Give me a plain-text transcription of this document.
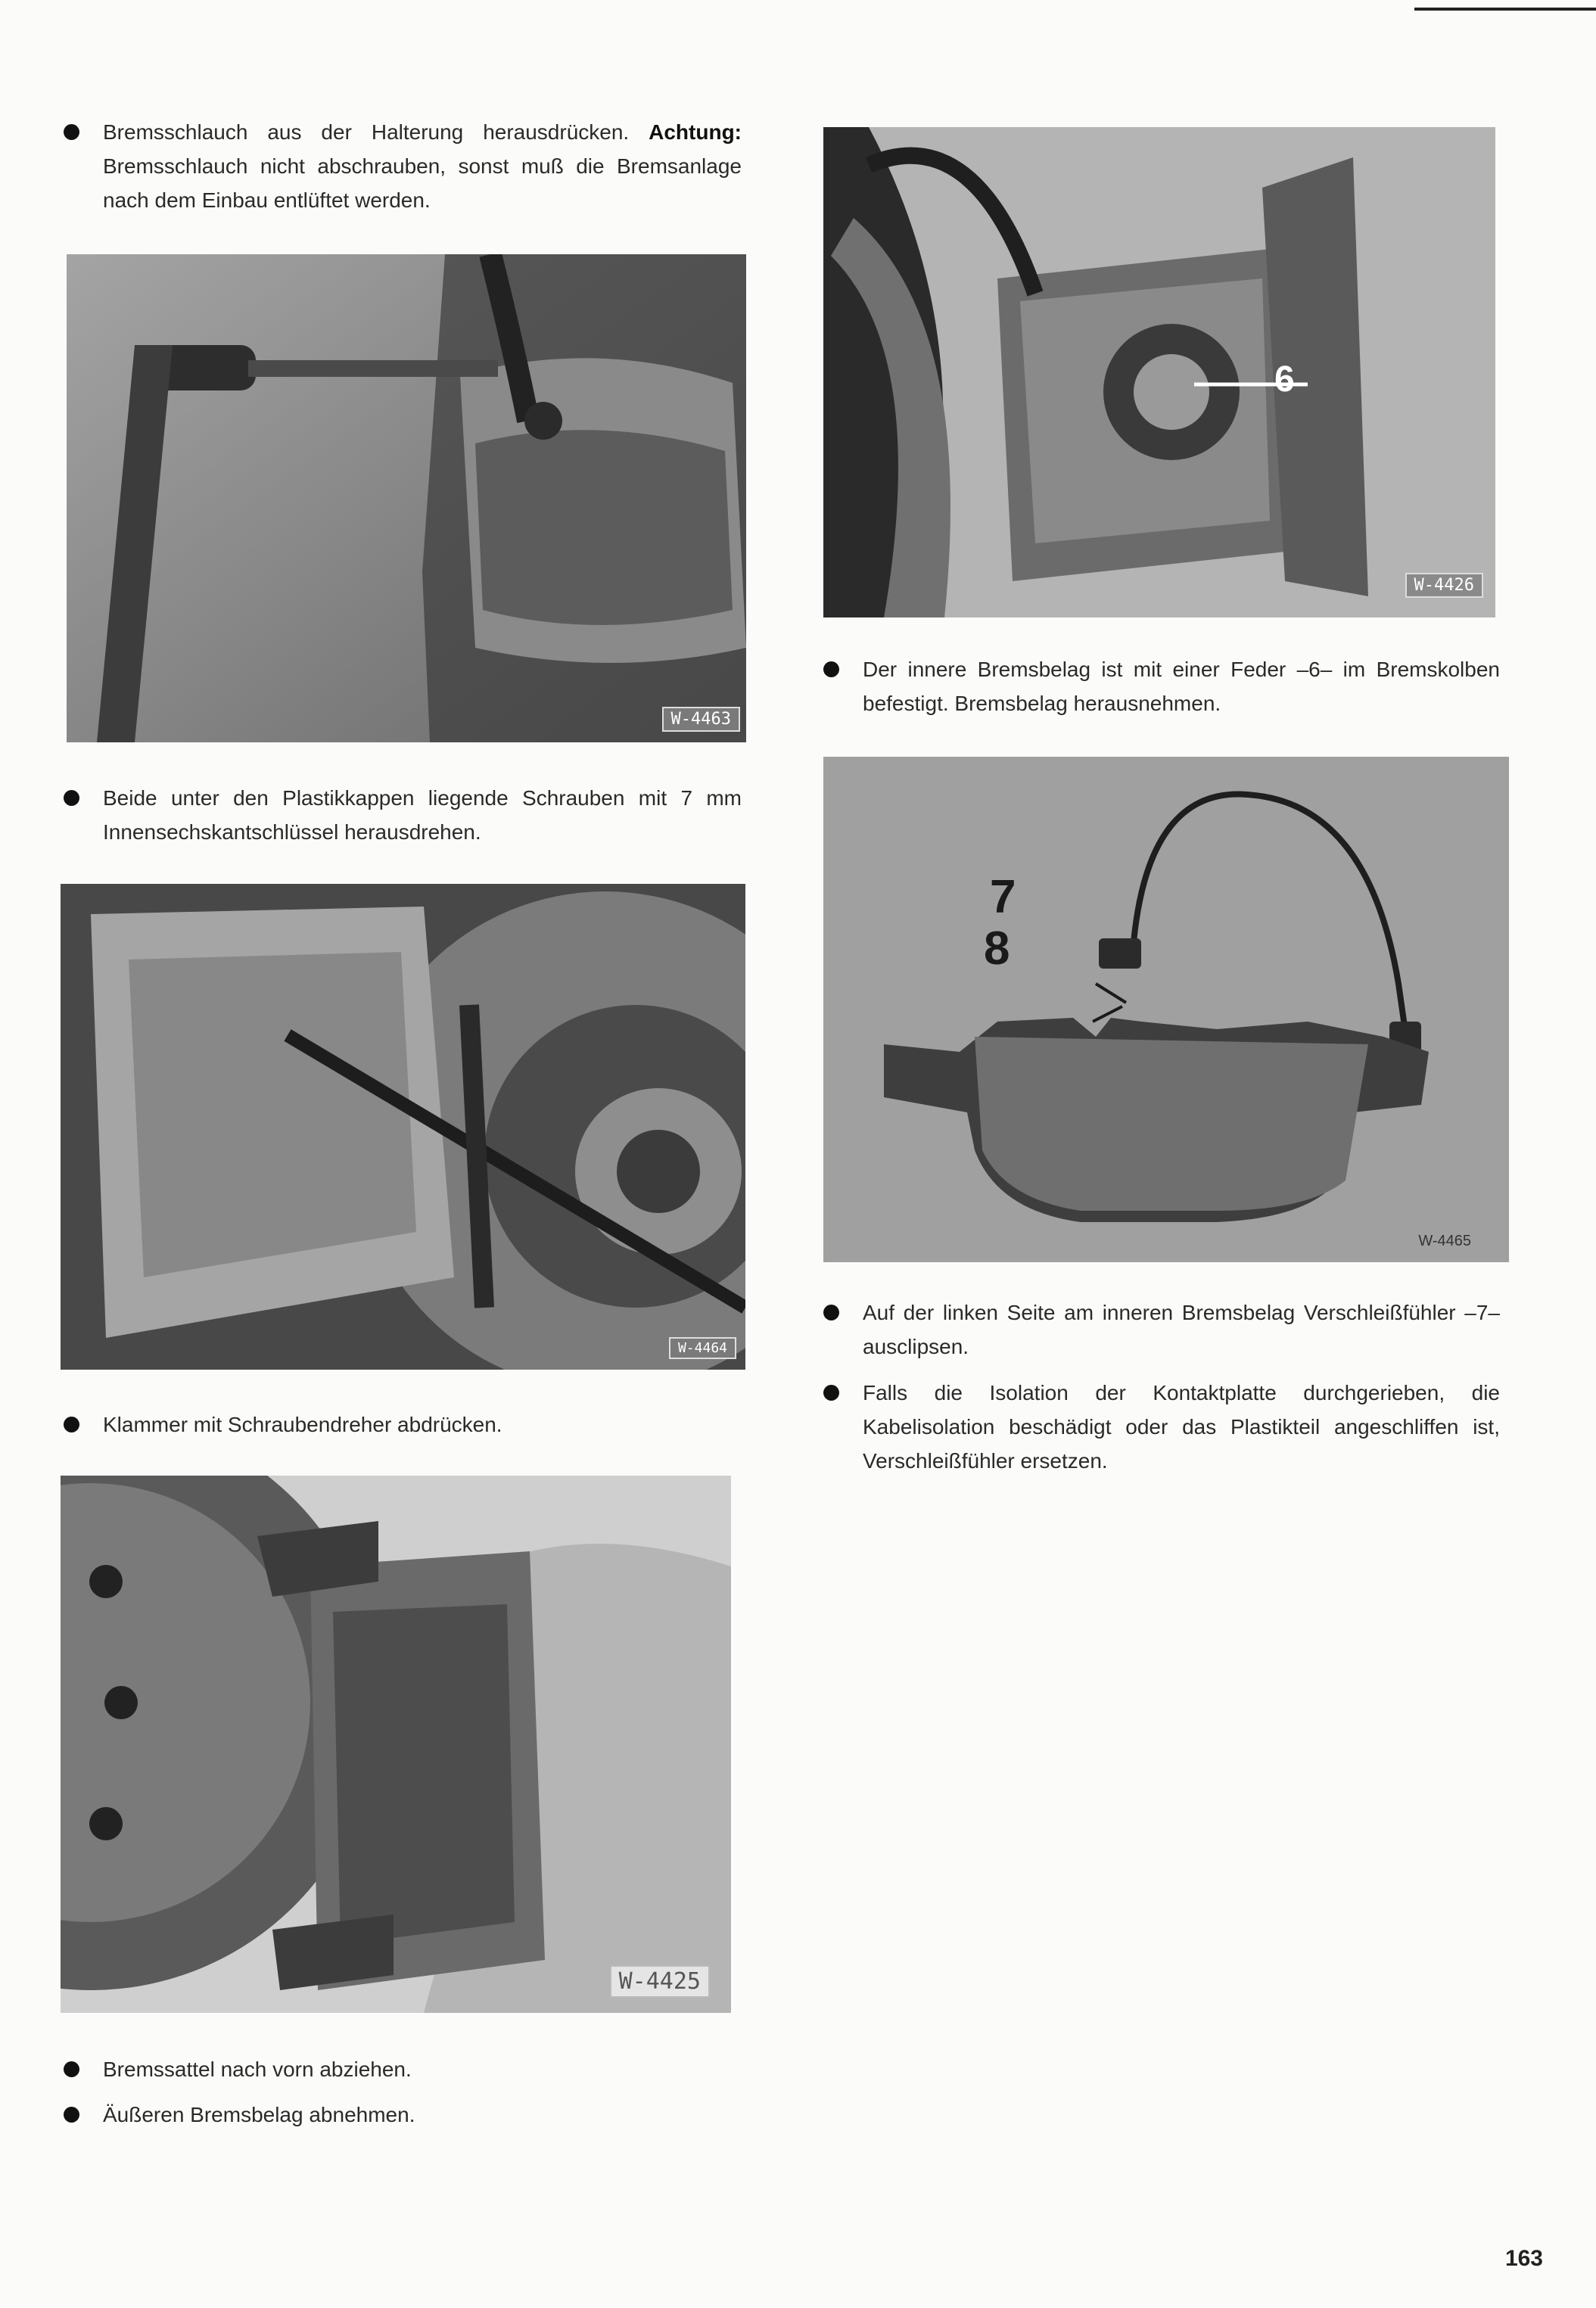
Bremsschlauch aus der Halterung herausdrücken. Achtung: Bremsschlauch nicht abschrauben, sonst muß die Bremsanlage nach dem Einbau entlüftet werden.
W-4463
Beide unter den Plastikkappen liegende Schrauben mit 7 mm Innensechskantschlüssel herausdrehen.
W-4464
Klammer mit Schraubendreher abdrücken.
W-4425
Bremssattel nach vorn abziehen.
Äußeren Bremsbelag abnehmen.
6
W-4426
Der innere Bremsbelag ist mit einer Feder –6– im Bremskolben befestigt. Bremsbelag herausnehmen.
7
8
W-4465
Auf der linken Seite am inneren Bremsbelag Verschleißfühler –7– ausclipsen.
Falls die Isolation der Kontaktplatte durchgerieben, die Kabelisolation beschädigt oder das Plastikteil angeschliffen ist, Verschleißfühler ersetzen.
163
